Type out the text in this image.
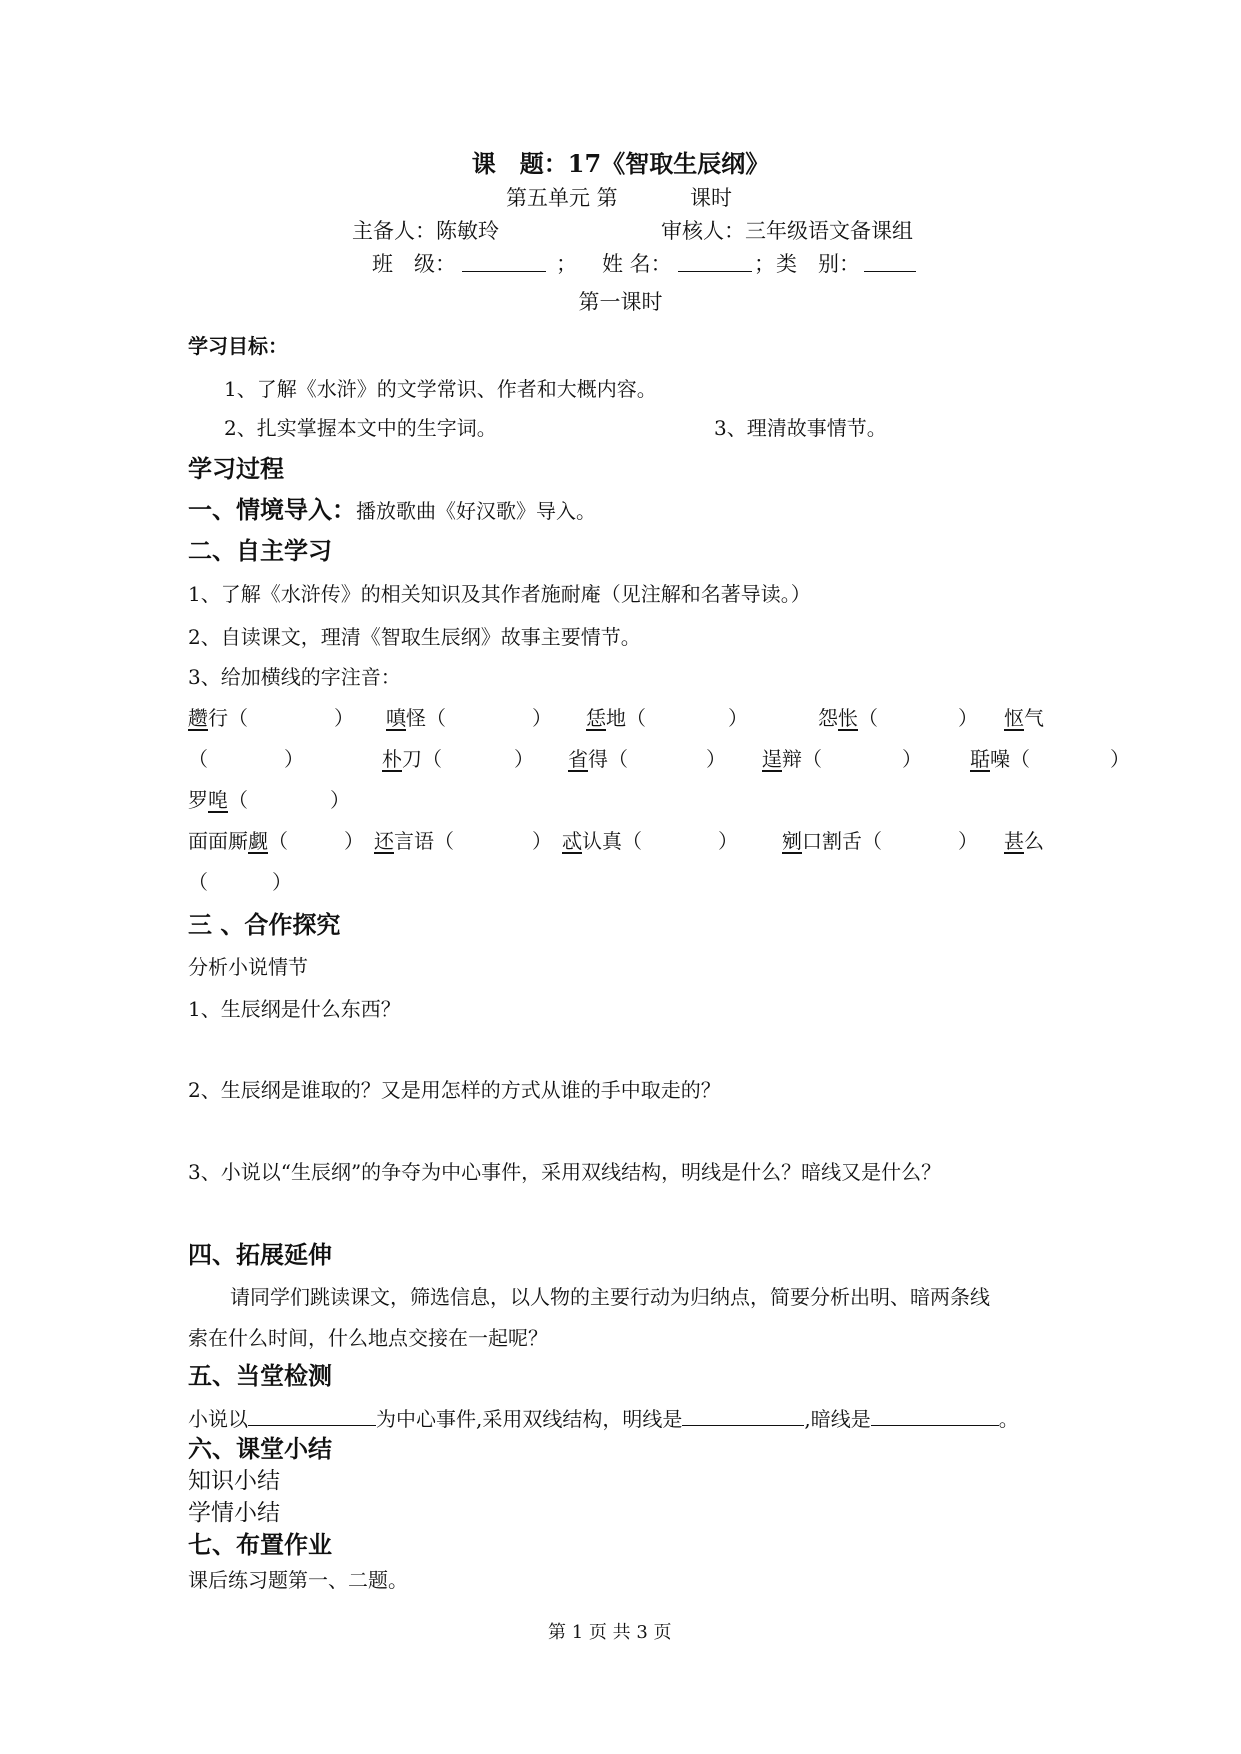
课　题：17《智取生辰纲》
第五单元 第	课时
主备人：陈敏玲	审核人：三年级语文备课组
班　级：	； 姓 名：	； 类　别：
第一课时
学习目标：
1、了解《水浒》的文学常识、作者和大概内容。
2、扎实掌握本文中的生字词。	3、理清故事情节。
学习过程
一、情境导入：播放歌曲《好汉歌》导入。
二、自主学习
1、了解《水浒传》的相关知识及其作者施耐庵（见注解和名著导读。）
2、自读课文，理清《智取生辰纲》故事主要情节。
3、给加横线的字注音：
趱行（	） 嗔怪（	） 恁地（	）	怨怅（	） 怄气
（	）	朴刀（	） 省得（	） 逞辩（	） 聒噪（	）
罗唣（	）
面面厮觑（	） 还言语（	） 忒认真（	） 剜口割舌（	） 甚么
（	）
三 、合作探究
分析小说情节
1、生辰纲是什么东西？
2、生辰纲是谁取的？又是用怎样的方式从谁的手中取走的？
3、小说以“生辰纲”的争夺为中心事件，采用双线结构，明线是什么？暗线又是什么？
四、拓展延伸
请同学们跳读课文，筛选信息，以人物的主要行动为归纳点，简要分析出明、暗两条线
索在什么时间，什么地点交接在一起呢？
五、当堂检测
小说以	为中心事件,采用双线结构，明线是	,暗线是	。
六、课堂小结
知识小结
学情小结
七、布置作业
课后练习题第一、二题。
第 1 页 共 3 页
